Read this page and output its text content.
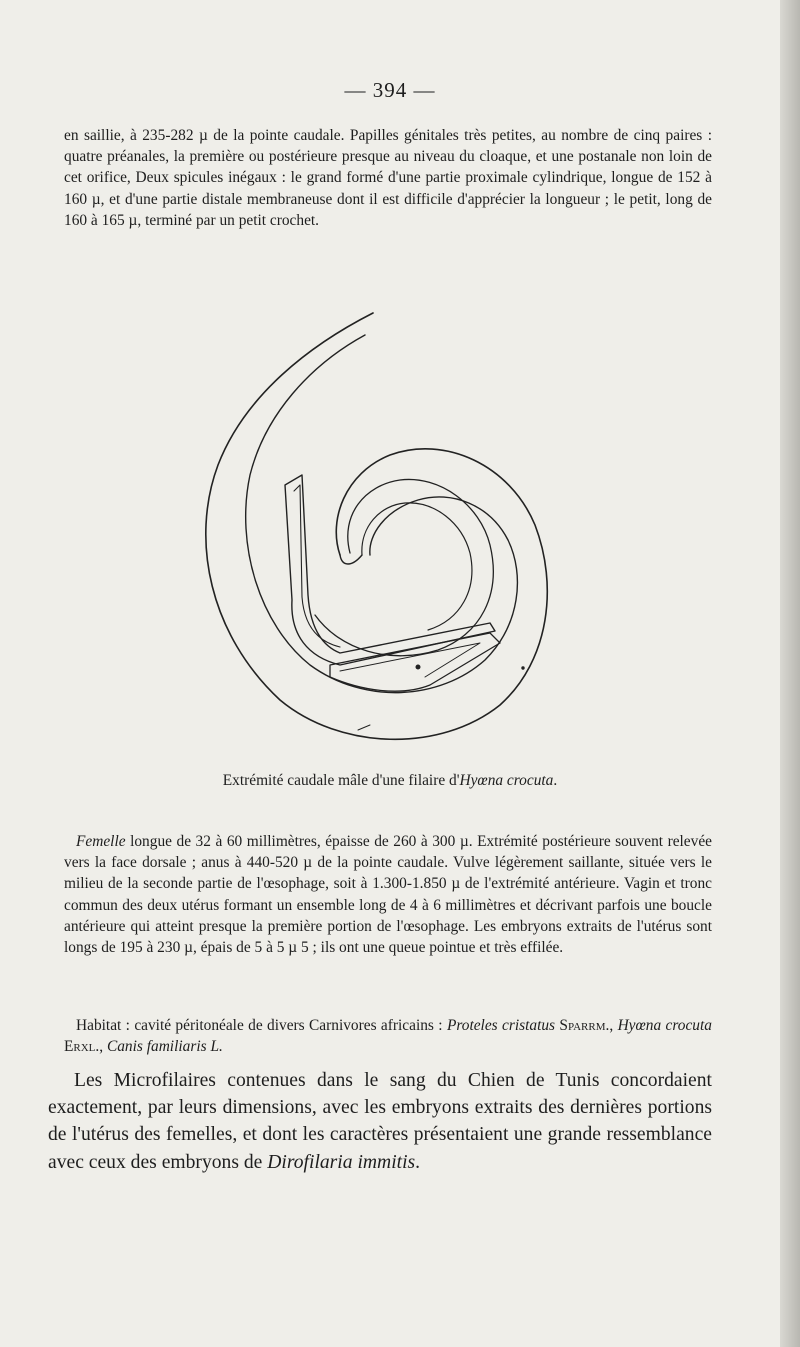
— 394 —

en saillie, à 235-282 µ de la pointe caudale. Papilles génitales très petites, au nombre de cinq paires : quatre préanales, la première ou postérieure presque au niveau du cloaque, et une postanale non loin de cet orifice, Deux spicules inégaux : le grand formé d'une partie proximale cylindrique, longue de 152 à 160 µ, et d'une partie distale membraneuse dont il est difficile d'apprécier la longueur ; le petit, long de 160 à 165 µ, terminé par un petit crochet.

Extrémité caudale mâle d'une filaire d'Hyœna crocuta.

Femelle longue de 32 à 60 millimètres, épaisse de 260 à 300 µ. Extrémité postérieure souvent relevée vers la face dorsale ; anus à 440-520 µ de la pointe caudale. Vulve légèrement saillante, située vers le milieu de la seconde partie de l'œsophage, soit à 1.300-1.850 µ de l'extrémité antérieure. Vagin et tronc commun des deux utérus formant un ensemble long de 4 à 6 millimètres et décrivant parfois une boucle antérieure qui atteint presque la première portion de l'œsophage. Les embryons extraits de l'utérus sont longs de 195 à 230 µ, épais de 5 à 5 µ 5 ; ils ont une queue pointue et très effilée.

Habitat : cavité péritonéale de divers Carnivores africains : Proteles cristatus Sparrm., Hyœna crocuta Erxl., Canis familiaris L.

Les Microfilaires contenues dans le sang du Chien de Tunis concordaient exactement, par leurs dimensions, avec les embryons extraits des dernières portions de l'utérus des femelles, et dont les caractères présentaient une grande ressemblance avec ceux des embryons de Dirofilaria immitis.
